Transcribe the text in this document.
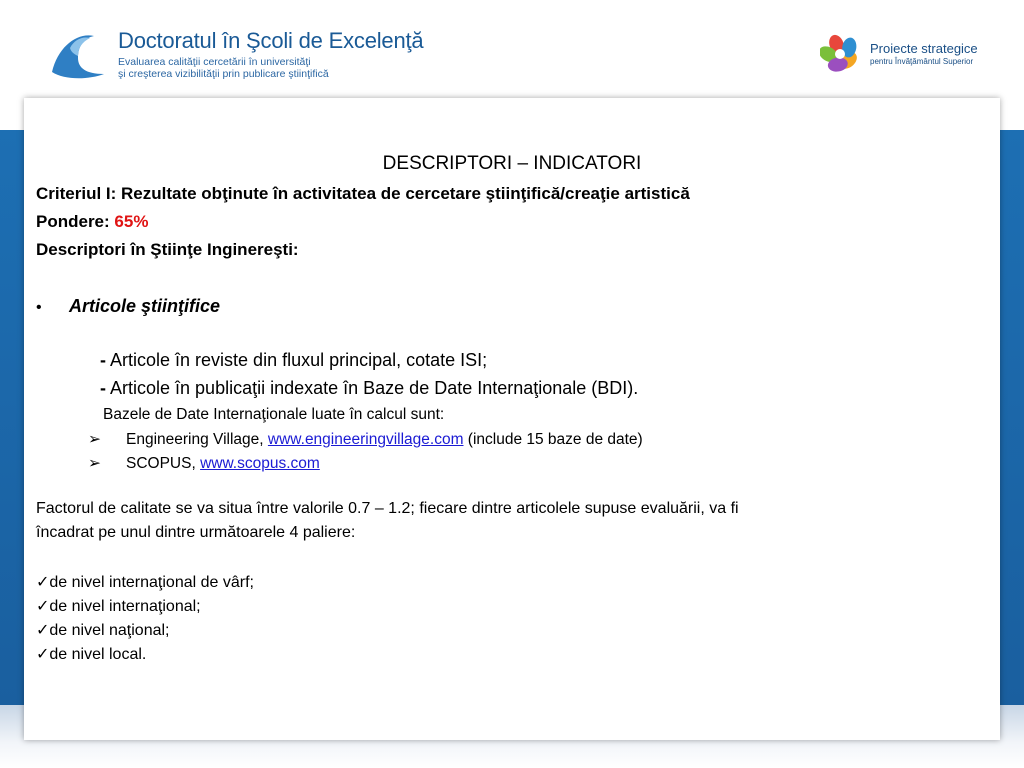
Doctoratul în Şcoli de Excelenţă
Evaluarea calităţii cercetării în universităţi
şi creşterea vizibilităţii prin publicare ştiinţifică
Proiecte strategice
pentru Învăţământul Superior
DESCRIPTORI – INDICATORI
Criteriul I: Rezultate obţinute în activitatea de cercetare ştiinţifică/creaţie artistică
Pondere: 65%
Descriptori în Ştiinţe Inginereşti:
• Articole ştiinţifice
- Articole în reviste din fluxul principal, cotate ISI;
- Articole în publicaţii indexate în Baze de Date Internaţionale (BDI).
Bazele de Date Internaţionale luate în calcul sunt:
➢ Engineering Village, www.engineeringvillage.com (include 15 baze de date)
➢ SCOPUS, www.scopus.com
Factorul de calitate se va situa între valorile 0.7 – 1.2; fiecare dintre articolele supuse evaluării, va fi
încadrat pe unul dintre următoarele 4 paliere:
✓de nivel internaţional de vârf;
✓de nivel internaţional;
✓de nivel naţional;
✓de nivel local.
